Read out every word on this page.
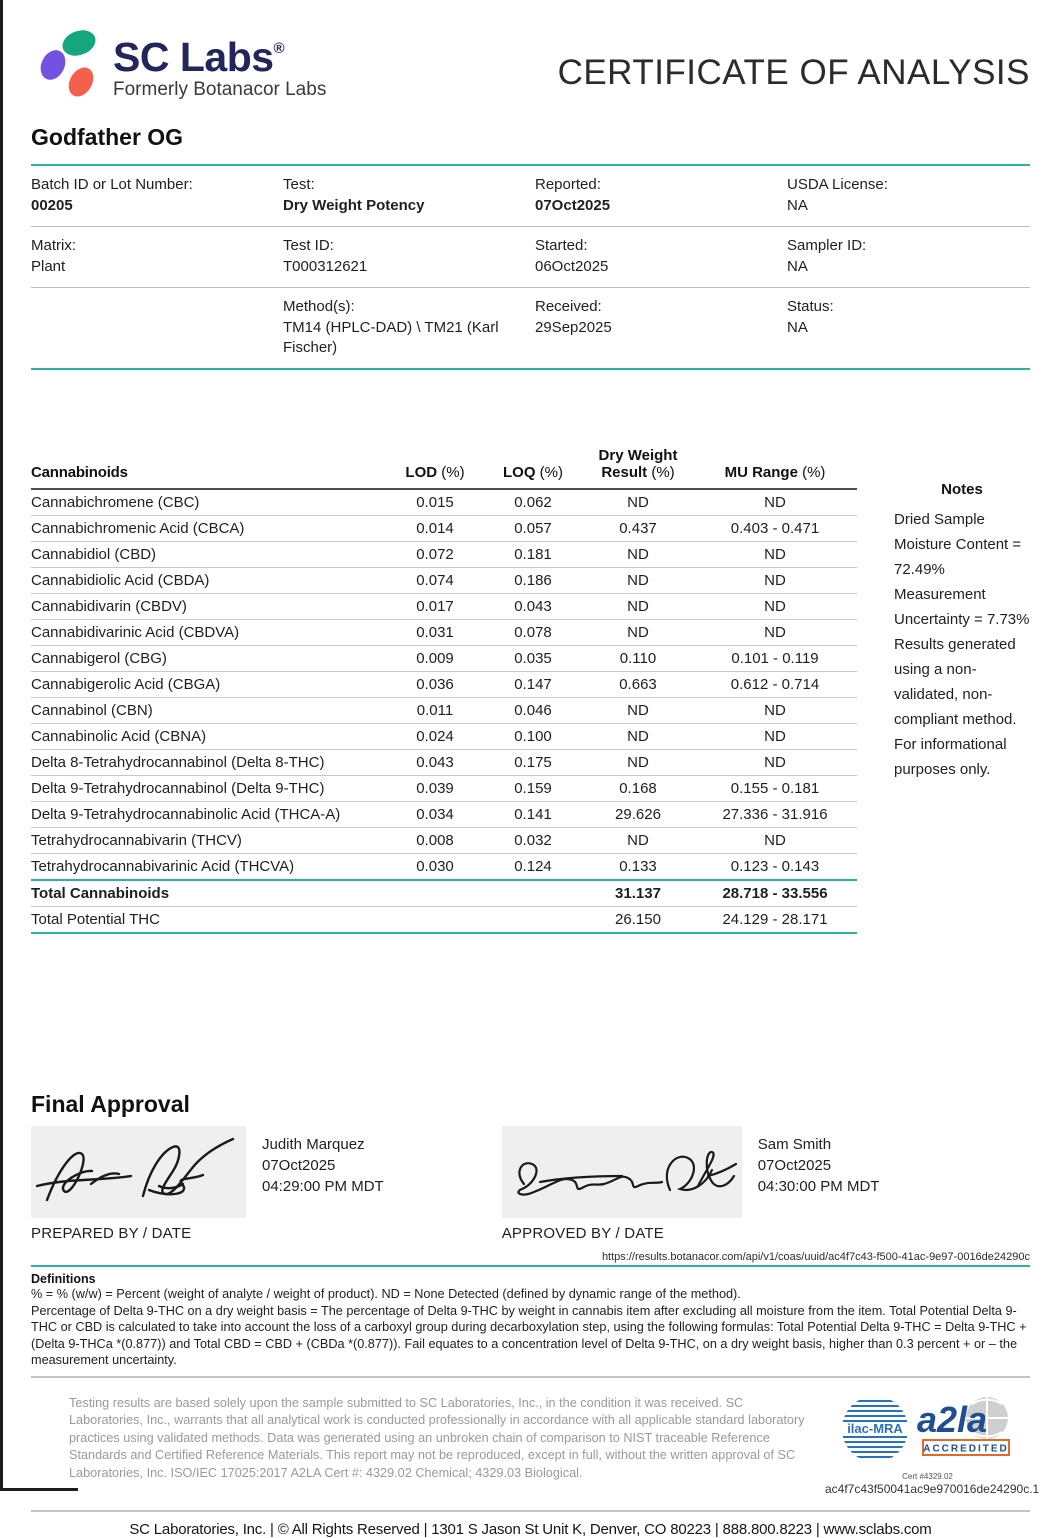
SC Labs®
Formerly Botanacor Labs	CERTIFICATE OF ANALYSIS
Godfather OG
Batch ID or Lot Number:
00205
Test:
Dry Weight Potency
Reported:
07Oct2025
USDA License:
NA
Matrix:
Plant
Test ID:
T000312621
Started:
06Oct2025
Sampler ID:
NA
Method(s):
TM14 (HPLC-DAD) \ TM21 (Karl Fischer)
Received:
29Sep2025
Status:
NA
Cannabinoids	LOD (%)	LOQ (%)	Dry Weight
Result (%)	MU Range (%)
Cannabichromene (CBC)	0.015	0.062	ND	ND
Cannabichromenic Acid (CBCA)	0.014	0.057	0.437	0.403 - 0.471
Cannabidiol (CBD)	0.072	0.181	ND	ND
Cannabidiolic Acid (CBDA)	0.074	0.186	ND	ND
Cannabidivarin (CBDV)	0.017	0.043	ND	ND
Cannabidivarinic Acid (CBDVA)	0.031	0.078	ND	ND
Cannabigerol (CBG)	0.009	0.035	0.110	0.101 - 0.119
Cannabigerolic Acid (CBGA)	0.036	0.147	0.663	0.612 - 0.714
Cannabinol (CBN)	0.011	0.046	ND	ND
Cannabinolic Acid (CBNA)	0.024	0.100	ND	ND
Delta 8-Tetrahydrocannabinol (Delta 8-THC)	0.043	0.175	ND	ND
Delta 9-Tetrahydrocannabinol (Delta 9-THC)	0.039	0.159	0.168	0.155 - 0.181
Delta 9-Tetrahydrocannabinolic Acid (THCA-A)	0.034	0.141	29.626	27.336 - 31.916
Tetrahydrocannabivarin (THCV)	0.008	0.032	ND	ND
Tetrahydrocannabivarinic Acid (THCVA)	0.030	0.124	0.133	0.123 - 0.143
Total Cannabinoids			31.137	28.718 - 33.556
Total Potential THC			26.150	24.129 - 28.171
Notes
Dried Sample Moisture Content = 72.49%
Measurement Uncertainty = 7.73%
Results generated using a non-validated, non-compliant method. For informational purposes only.
Final Approval
PREPARED BY / DATE
Judith Marquez
07Oct2025
04:29:00 PM MDT
APPROVED BY / DATE
Sam Smith
07Oct2025
04:30:00 PM MDT
https://results.botanacor.com/api/v1/coas/uuid/ac4f7c43-f500-41ac-9e97-0016de24290c
Definitions
% = % (w/w) = Percent (weight of analyte / weight of product). ND = None Detected (defined by dynamic range of the method).
Percentage of Delta 9-THC on a dry weight basis = The percentage of Delta 9-THC by weight in cannabis item after excluding all moisture from the item. Total Potential Delta 9-THC or CBD is calculated to take into account the loss of a carboxyl group during decarboxylation step, using the following formulas: Total Potential Delta 9-THC = Delta 9-THC + (Delta 9-THCa *(0.877)) and Total CBD = CBD + (CBDa *(0.877)). Fail equates to a concentration level of Delta 9-THC, on a dry weight basis, higher than 0.3 percent + or – the measurement uncertainty.
Testing results are based solely upon the sample submitted to SC Laboratories, Inc., in the condition it was received. SC Laboratories, Inc., warrants that all analytical work is conducted professionally in accordance with all applicable standard laboratory practices using validated methods. Data was generated using an unbroken chain of comparison to NIST traceable Reference Standards and Certified Reference Materials. This report may not be reproduced, except in full, without the written approval of SC Laboratories, Inc. ISO/IEC 17025:2017 A2LA Cert #: 4329.02 Chemical; 4329.03 Biological.
ilac-MRA a2la
ACCREDITED
Cert #4329.02
ac4f7c43f50041ac9e970016de24290c.1
SC Laboratories, Inc. | © All Rights Reserved | 1301 S Jason St Unit K, Denver, CO 80223 | 888.800.8223 | www.sclabs.com
